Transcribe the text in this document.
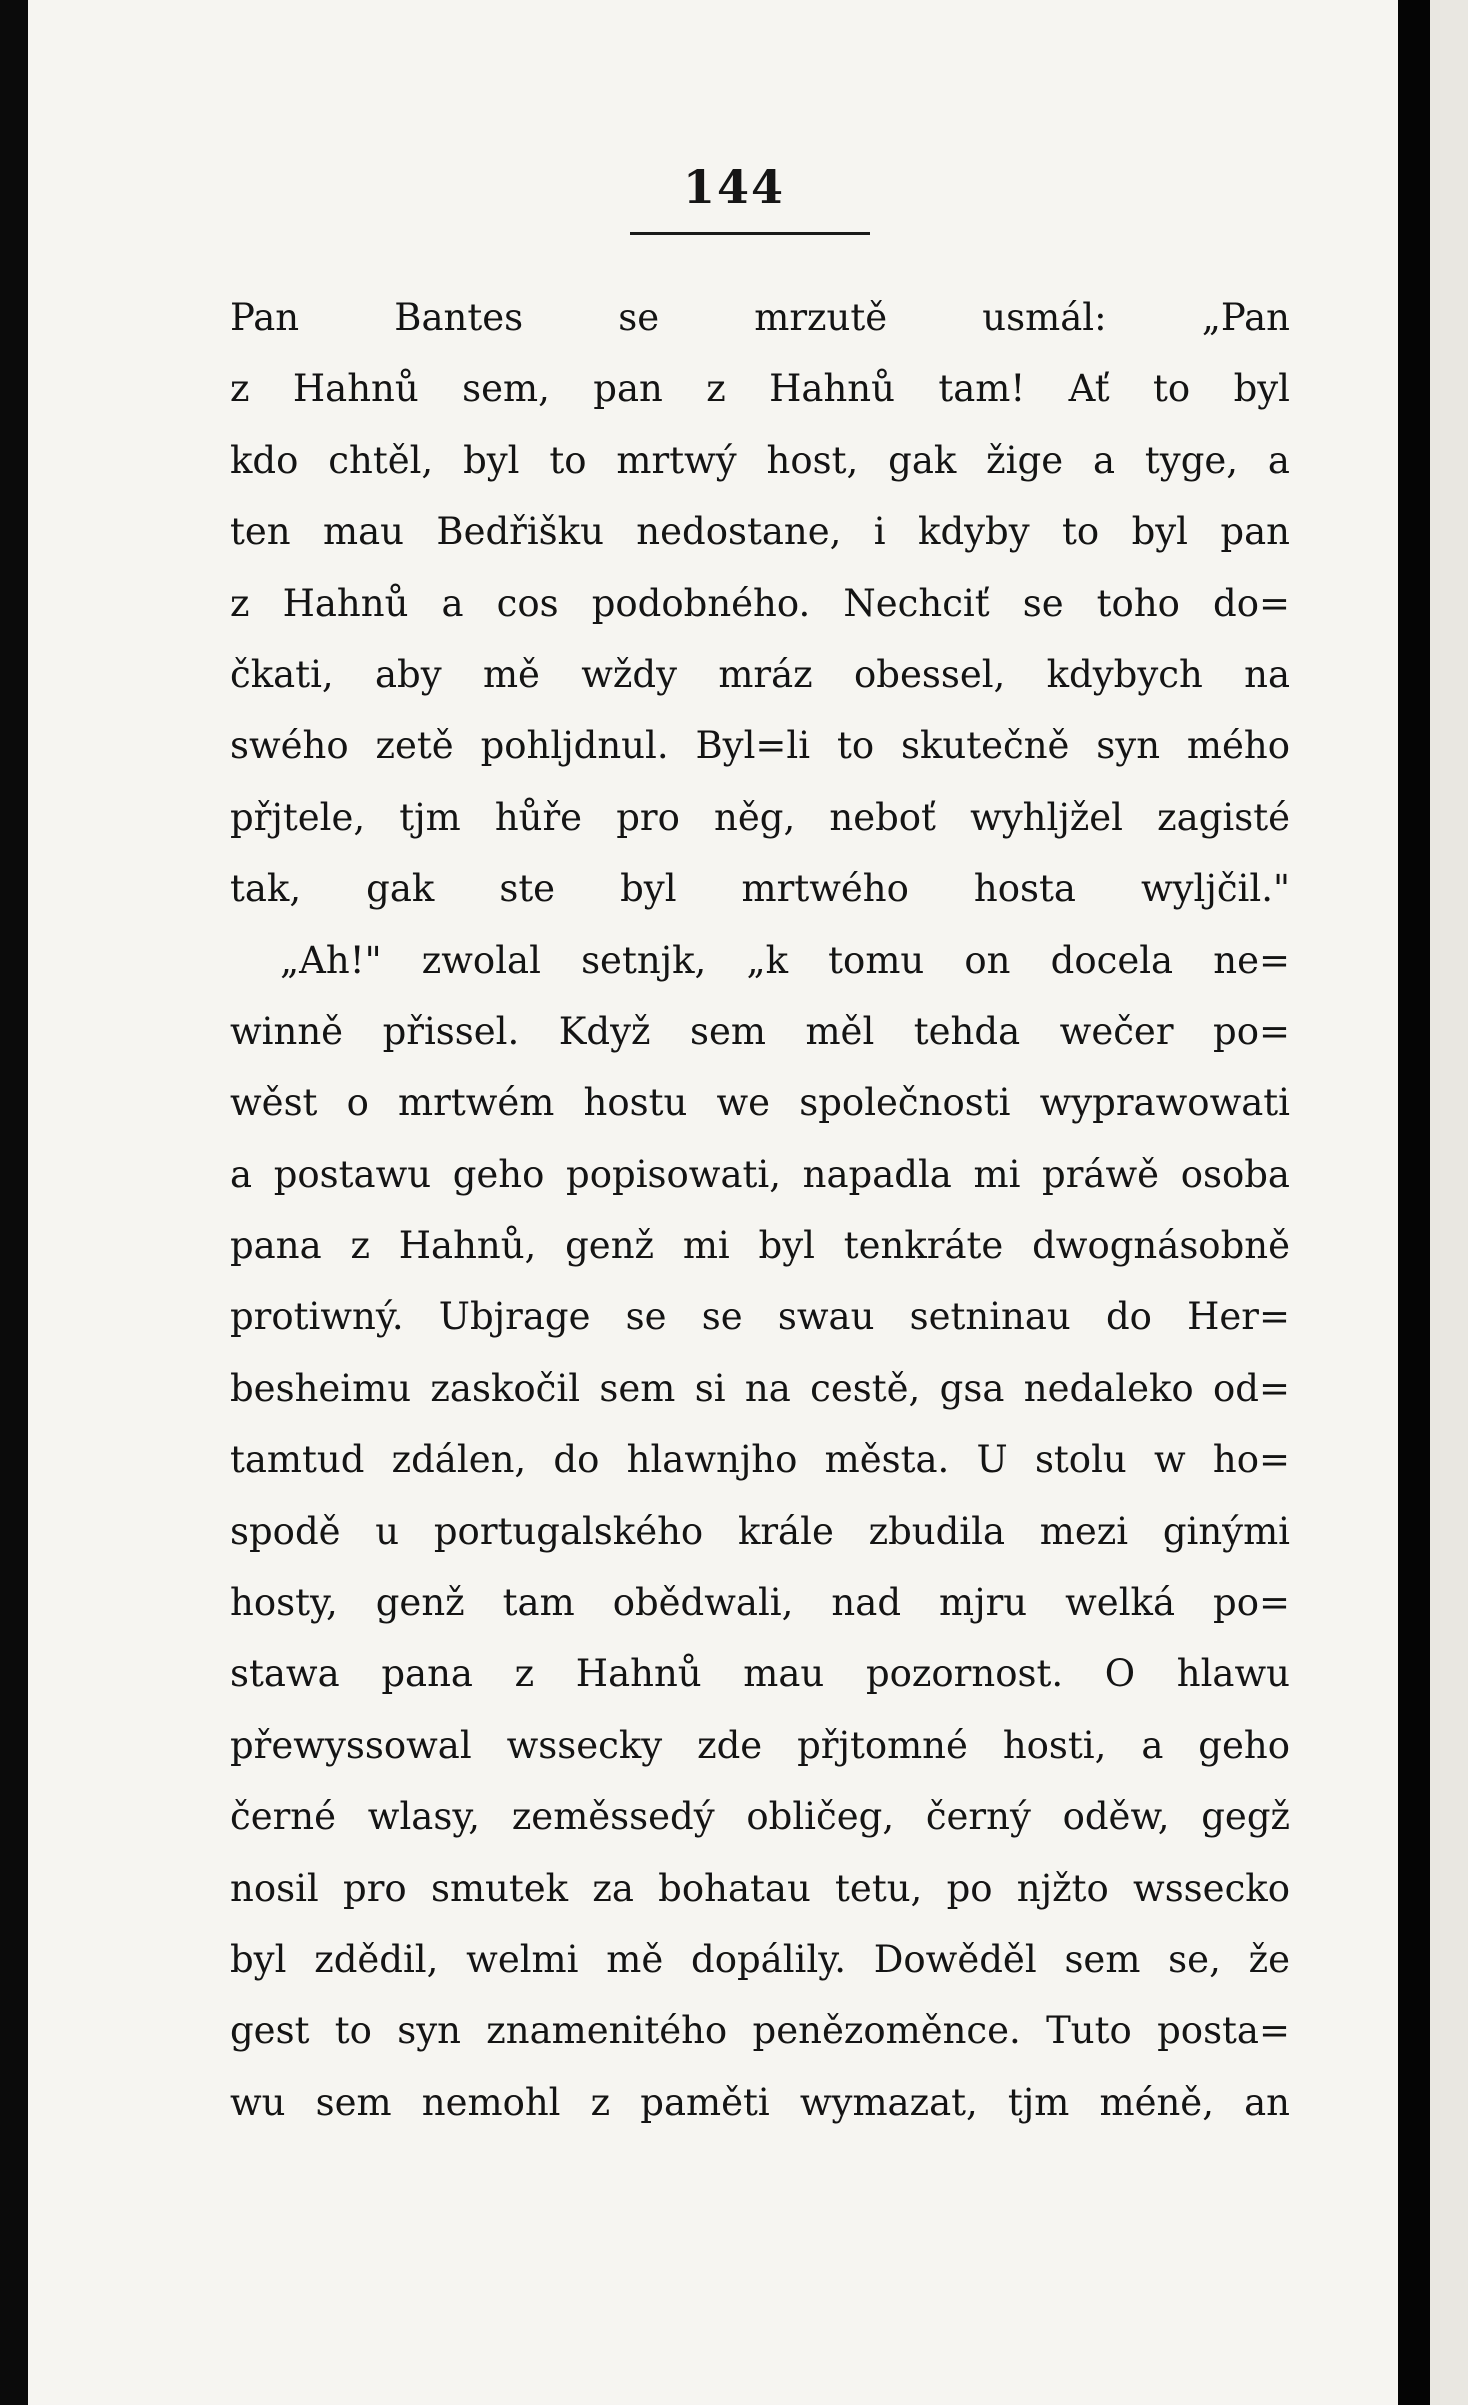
144
Pan Bantes se mrzutě usmál: „Pan
z Hahnů sem, pan z Hahnů tam! Ať to byl
kdo chtěl, byl to mrtwý host, gak žige a tyge, a
ten mau Bedřišku nedostane, i kdyby to byl pan
z Hahnů a cos podobného. Nechciť se toho do=
čkati, aby mě wždy mráz obessel, kdybych na
swého zetě pohljdnul. Byl=li to skutečně syn mého
přjtele, tjm hůře pro něg, neboť wyhljžel zagisté
tak, gak ste byl mrtwého hosta wyljčil."
„Ah!" zwolal setnjk, „k tomu on docela ne=
winně přissel. Když sem měl tehda wečer po=
wěst o mrtwém hostu we společnosti wyprawowati
a postawu geho popisowati, napadla mi práwě osoba
pana z Hahnů, genž mi byl tenkráte dwognásobně
protiwný. Ubjrage se se swau setninau do Her=
besheimu zaskočil sem si na cestě, gsa nedaleko od=
tamtud zdálen, do hlawnjho města. U stolu w ho=
spodě u portugalského krále zbudila mezi ginými
hosty, genž tam obědwali, nad mjru welká po=
stawa pana z Hahnů mau pozornost. O hlawu
přewyssowal wssecky zde přjtomné hosti, a geho
černé wlasy, zeměssedý obličeg, černý oděw, gegž
nosil pro smutek za bohatau tetu, po njžto wssecko
byl zdědil, welmi mě dopálily. Dowěděl sem se, že
gest to syn znamenitého penězoměnce. Tuto posta=
wu sem nemohl z paměti wymazat, tjm méně, an
